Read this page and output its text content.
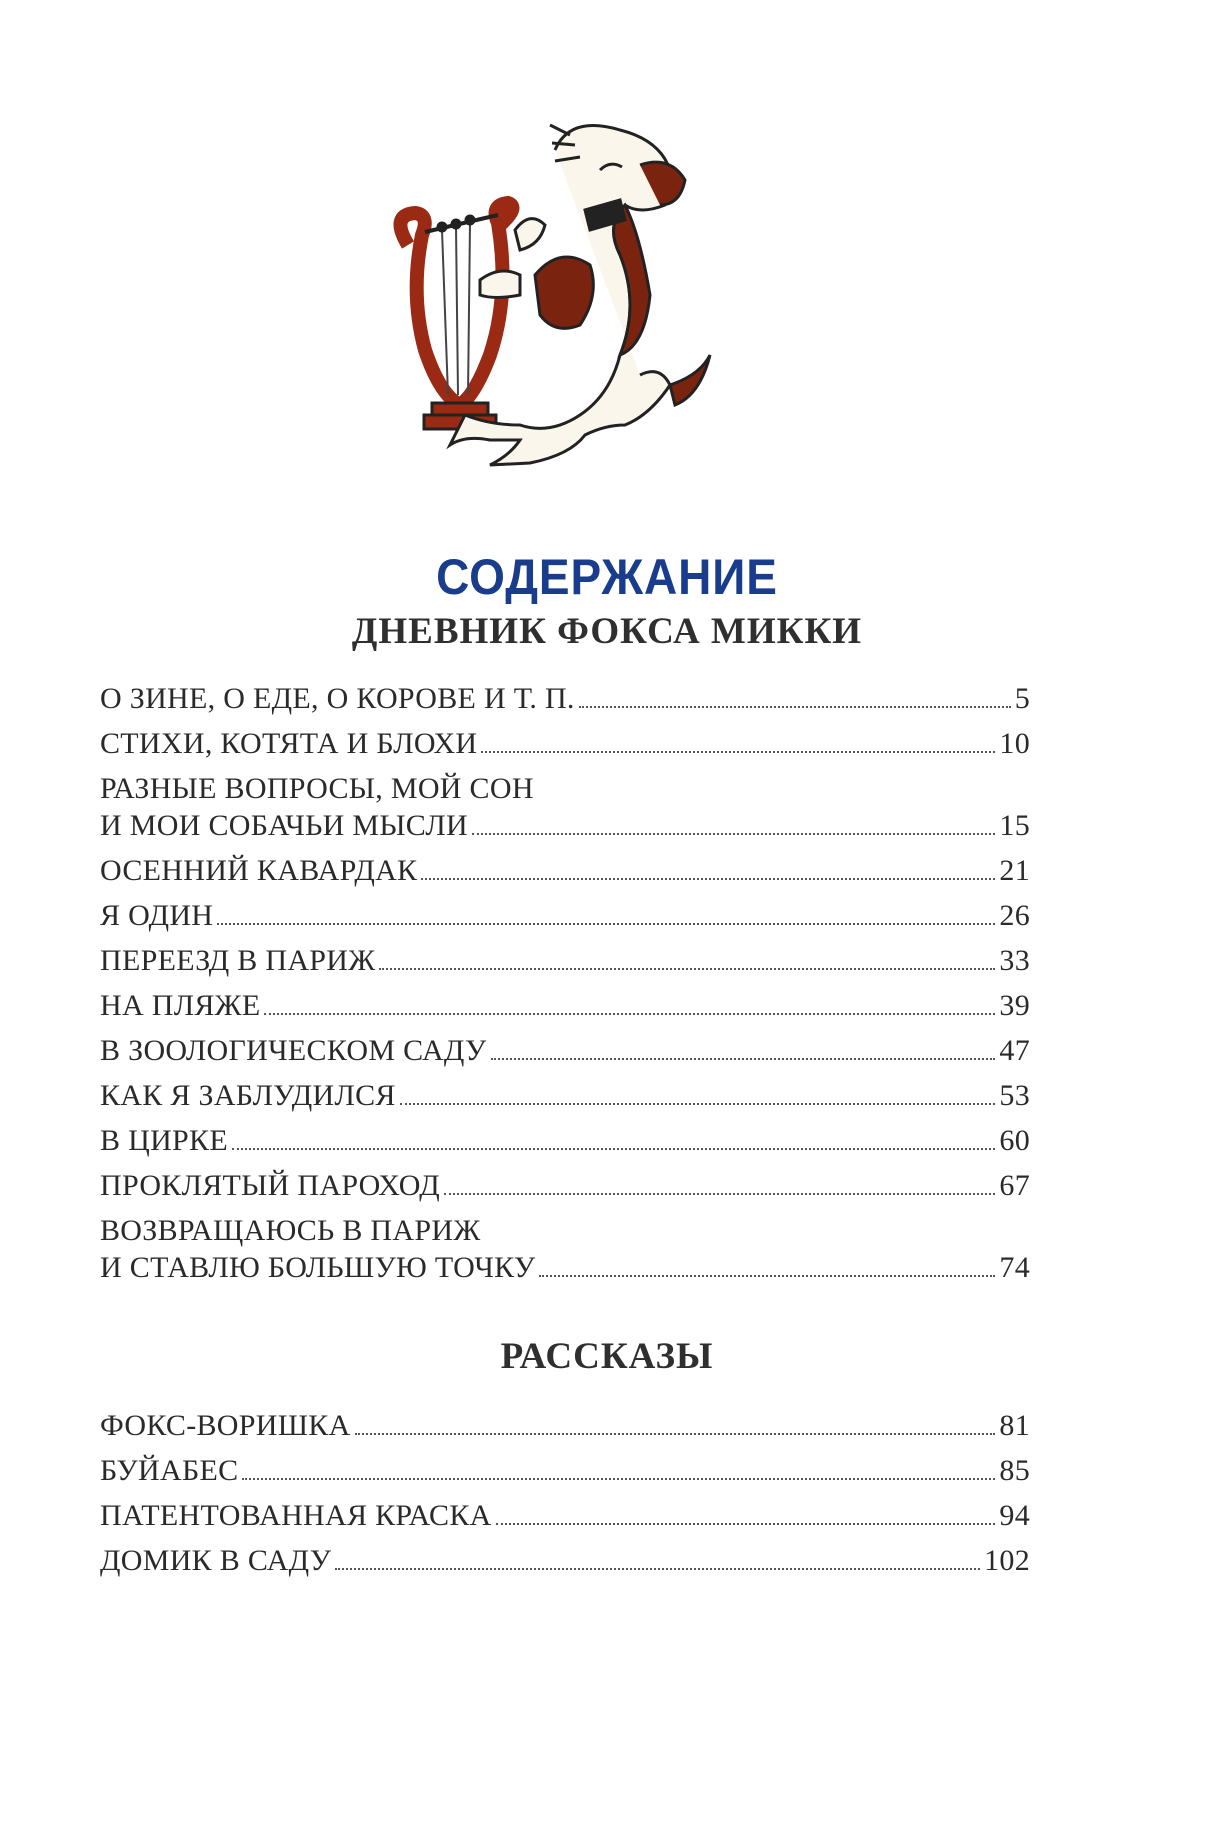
СОДЕРЖАНИЕ
ДНЕВНИК ФОКСА МИККИ
О ЗИНЕ, О ЕДЕ, О КОРОВЕ И Т. П.	5
СТИХИ, КОТЯТА И БЛОХИ	10
РАЗНЫЕ ВОПРОСЫ, МОЙ СОН
И МОИ СОБАЧЬИ МЫСЛИ	15
ОСЕННИЙ КАВАРДАК	21
Я ОДИН	26
ПЕРЕЕЗД В ПАРИЖ	33
НА ПЛЯЖЕ	39
В ЗООЛОГИЧЕСКОМ САДУ	47
КАК Я ЗАБЛУДИЛСЯ	53
В ЦИРКЕ	60
ПРОКЛЯТЫЙ ПАРОХОД	67
ВОЗВРАЩАЮСЬ В ПАРИЖ
И СТАВЛЮ БОЛЬШУЮ ТОЧКУ	74
РАССКАЗЫ
ФОКС-ВОРИШКА	81
БУЙАБЕС	85
ПАТЕНТОВАННАЯ КРАСКА	94
ДОМИК В САДУ	102
